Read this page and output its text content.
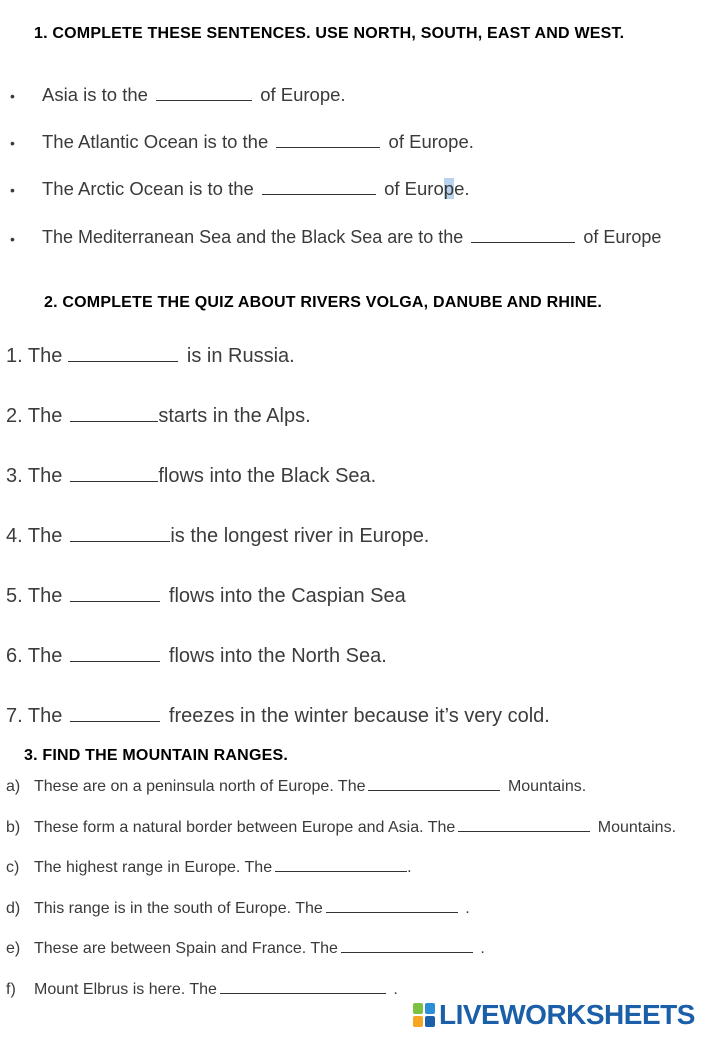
1. COMPLETE THESE SENTENCES. USE NORTH, SOUTH, EAST AND WEST.
• Asia is to the	of Europe.
• The Atlantic Ocean is to the	of Europe.
• The Arctic Ocean is to the	of Europe.
• The Mediterranean Sea and the Black Sea are to the	of Europe
2. COMPLETE THE QUIZ ABOUT RIVERS VOLGA, DANUBE AND RHINE.
1. The	is in Russia.
2. The	starts in the Alps.
3. The	flows into the Black Sea.
4. The	is the longest river in Europe.
5. The	flows into the Caspian Sea
6. The	flows into the North Sea.
7. The	freezes in the winter because it’s very cold.
3. FIND THE MOUNTAIN RANGES.
a) These are on a peninsula north of Europe. The	Mountains.
b) These form a natural border between Europe and Asia. The	Mountains.
c) The highest range in Europe. The	.
d) This range is in the south of Europe. The	.
e) These are between Spain and France. The	.
f) Mount Elbrus is here. The	.
LIVEWORKSHEETS
